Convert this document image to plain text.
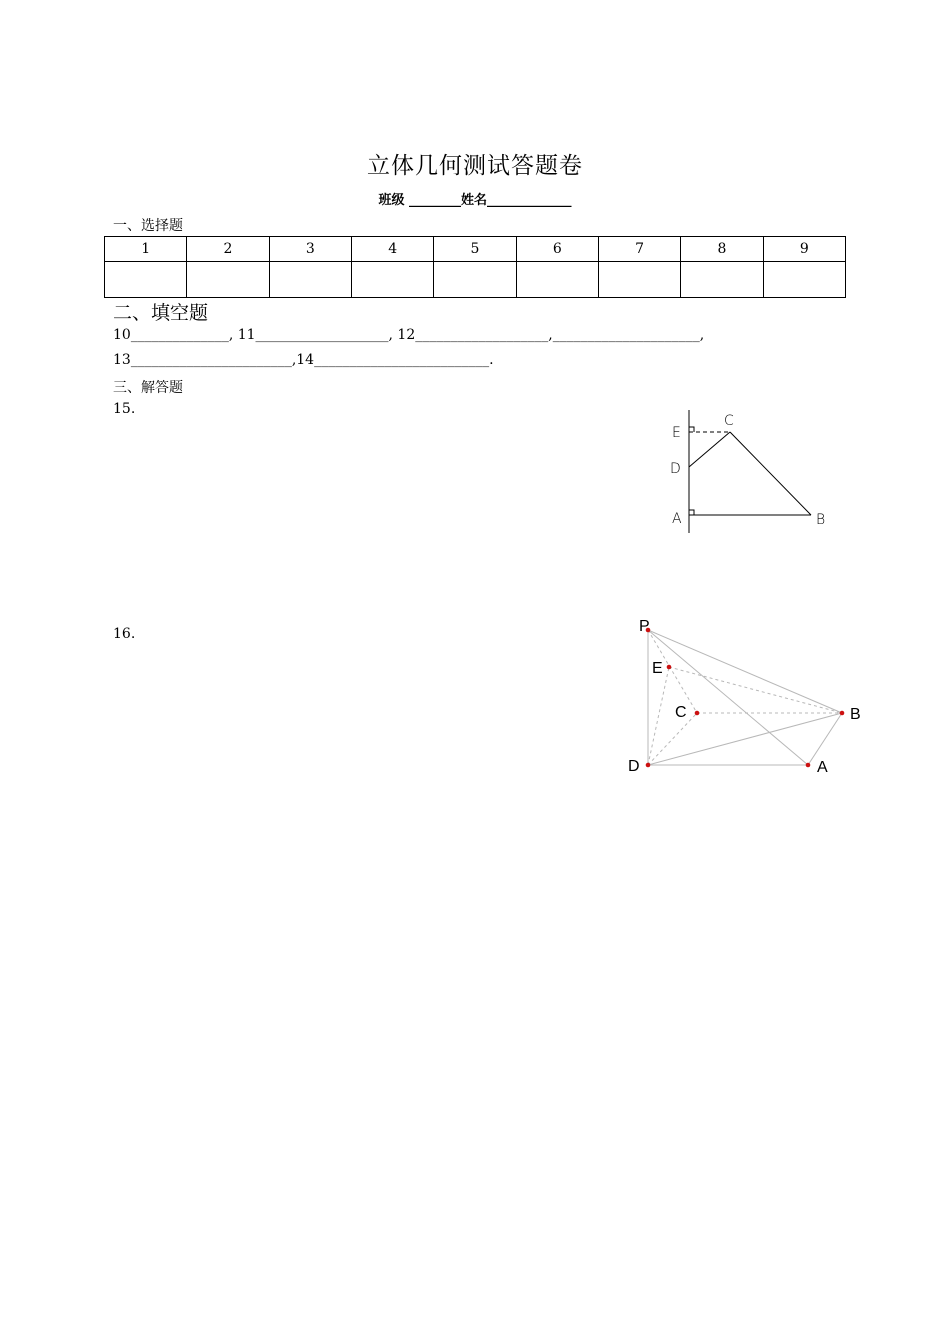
立体几何测试答题卷
班级 ________姓名_____________
一、选择题
1	2	3	4	5	6	7	8	9

二、填空题
10______________, 11___________________, 12___________________,_____________________,
13_______________________,14_________________________.
三、解答题
15.
E
C
D
A	B
16.	P
E
C	B
D	A
